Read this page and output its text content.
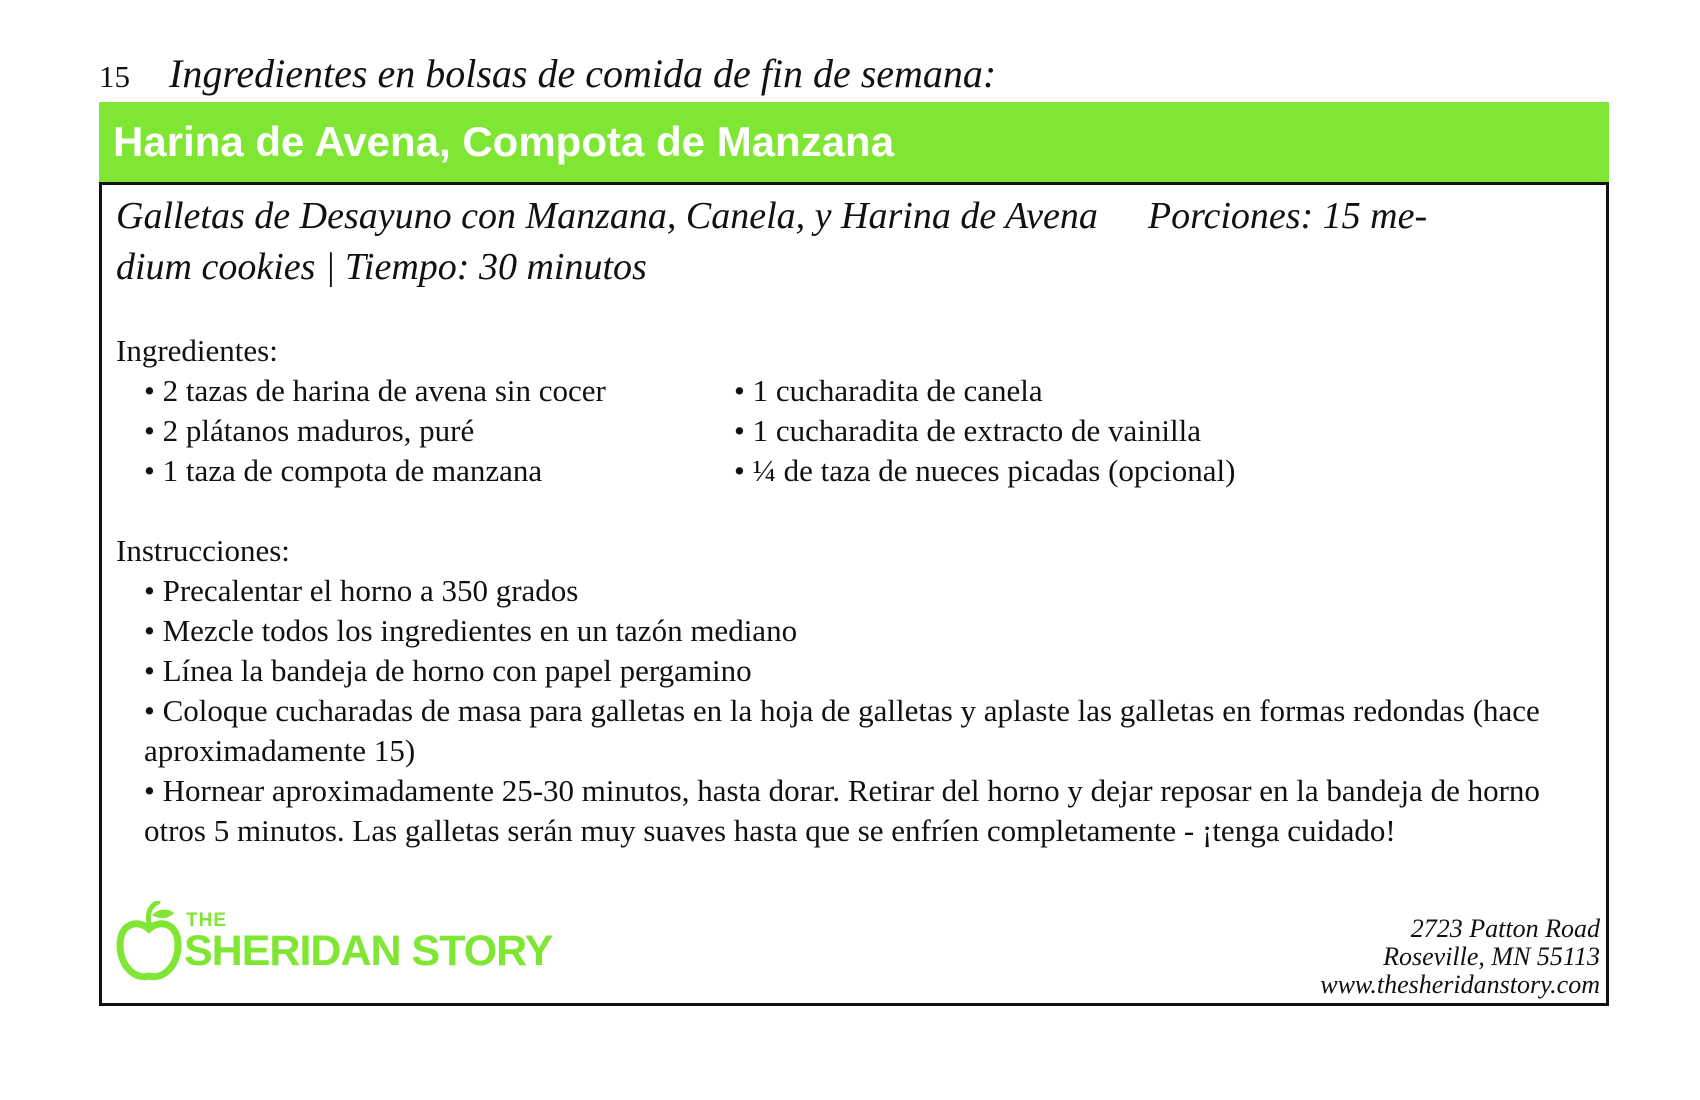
15 Ingredientes en bolsas de comida de fin de semana:
Harina de Avena, Compota de Manzana

Galletas de Desayuno con Manzana, Canela, y Harina de Avena Porciones: 15 me-
dium cookies | Tiempo: 30 minutos

Ingredientes:

• 2 tazas de harina de avena sin cocer
• 2 plátanos maduros, puré
• 1 taza de compota de manzana
• 1 cucharadita de canela
• 1 cucharadita de extracto de vainilla
• ¼ de taza de nueces picadas (opcional)

Instrucciones:

• Precalentar el horno a 350 grados
• Mezcle todos los ingredientes en un tazón mediano
• Línea la bandeja de horno con papel pergamino
• Coloque cucharadas de masa para galletas en la hoja de galletas y aplaste las galletas en formas redondas (hace aproximadamente 15)
• Hornear aproximadamente 25-30 minutos, hasta dorar. Retirar del horno y dejar reposar en la bandeja de horno otros 5 minutos. Las galletas serán muy suaves hasta que se enfríen completamente - ¡tenga cuidado!
THE
SHERIDAN STORY	2723 Patton Road
Roseville, MN 55113
www.thesheridanstory.com
